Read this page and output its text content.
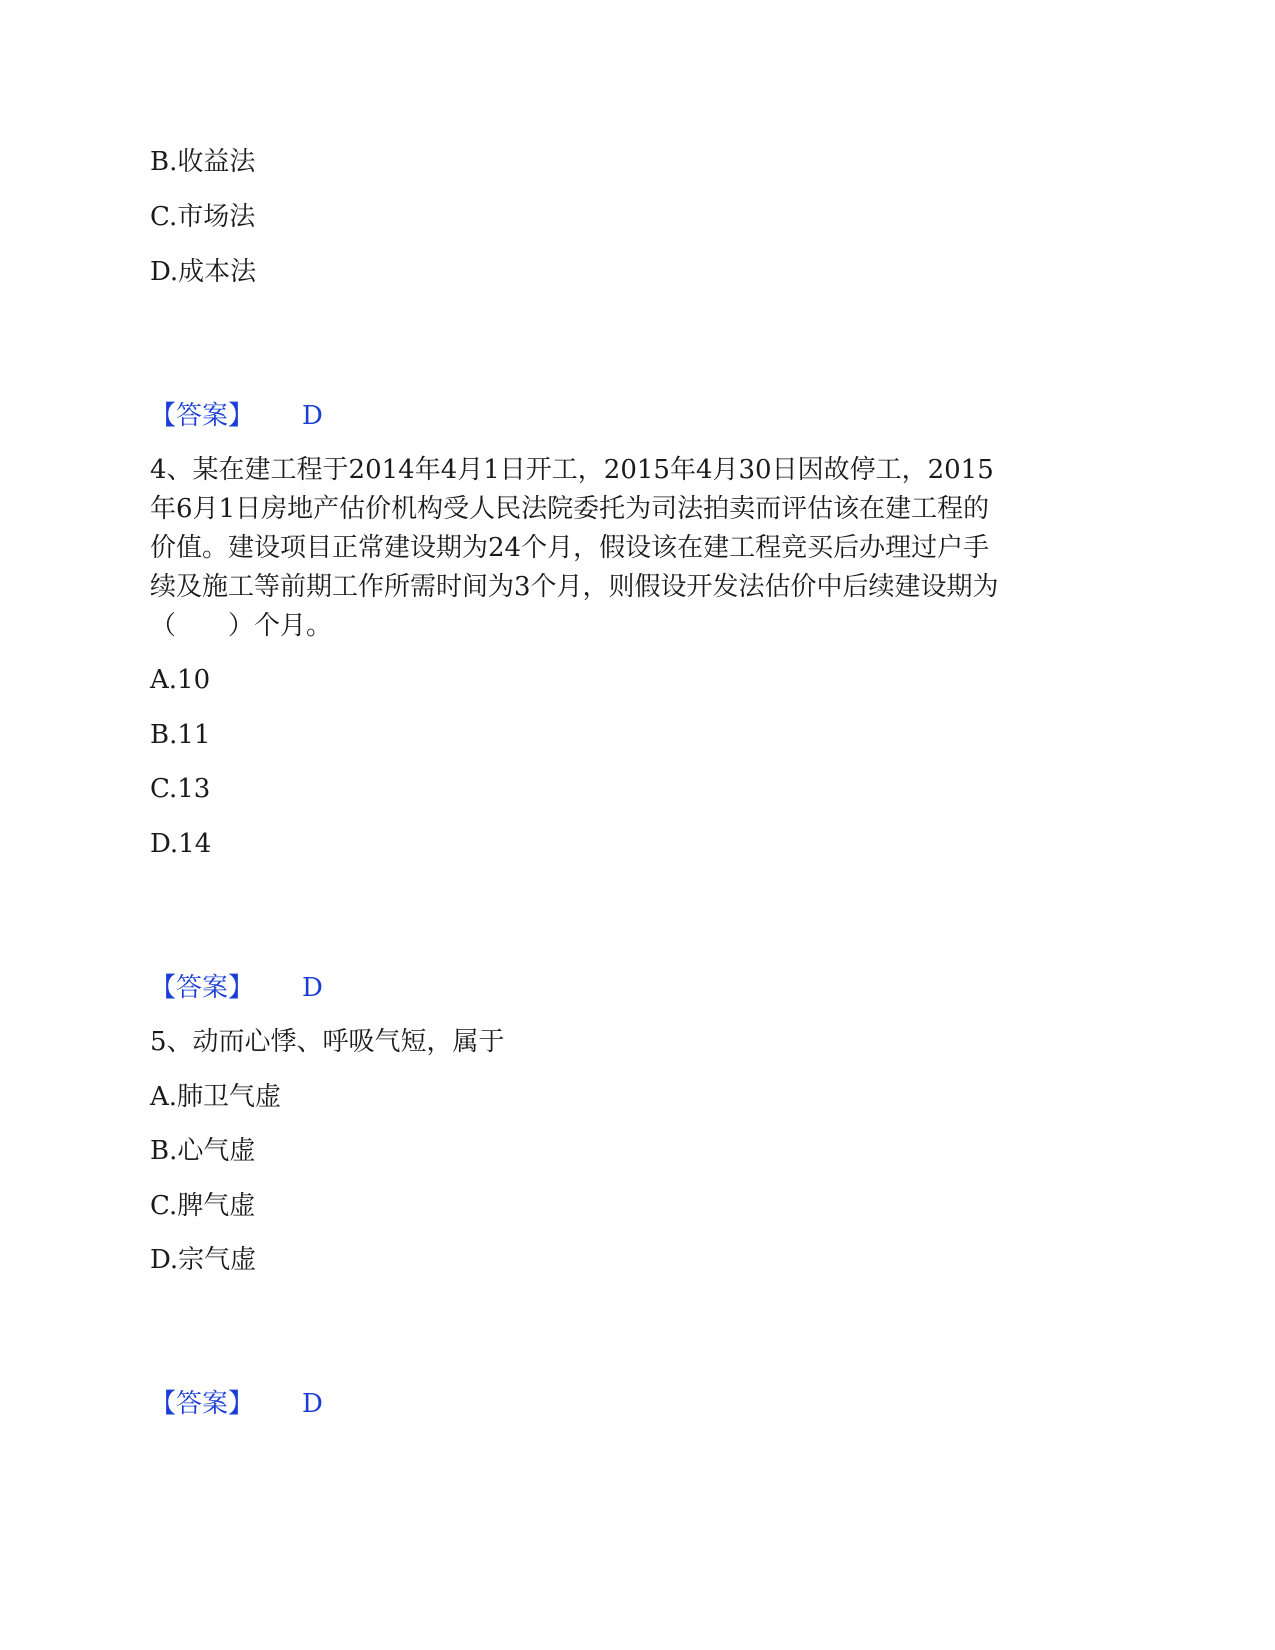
B.收益法
C.市场法
D.成本法
【答案】 D
4、某在建工程于2014年4月1日开工，2015年4月30日因故停工，2015
年6月1日房地产估价机构受人民法院委托为司法拍卖而评估该在建工程的
价值。建设项目正常建设期为24个月，假设该在建工程竞买后办理过户手
续及施工等前期工作所需时间为3个月，则假设开发法估价中后续建设期为
（　　）个月。
A.10
B.11
C.13
D.14
【答案】 D
5、动而心悸、呼吸气短，属于
A.肺卫气虚
B.心气虚
C.脾气虚
D.宗气虚
【答案】 D
